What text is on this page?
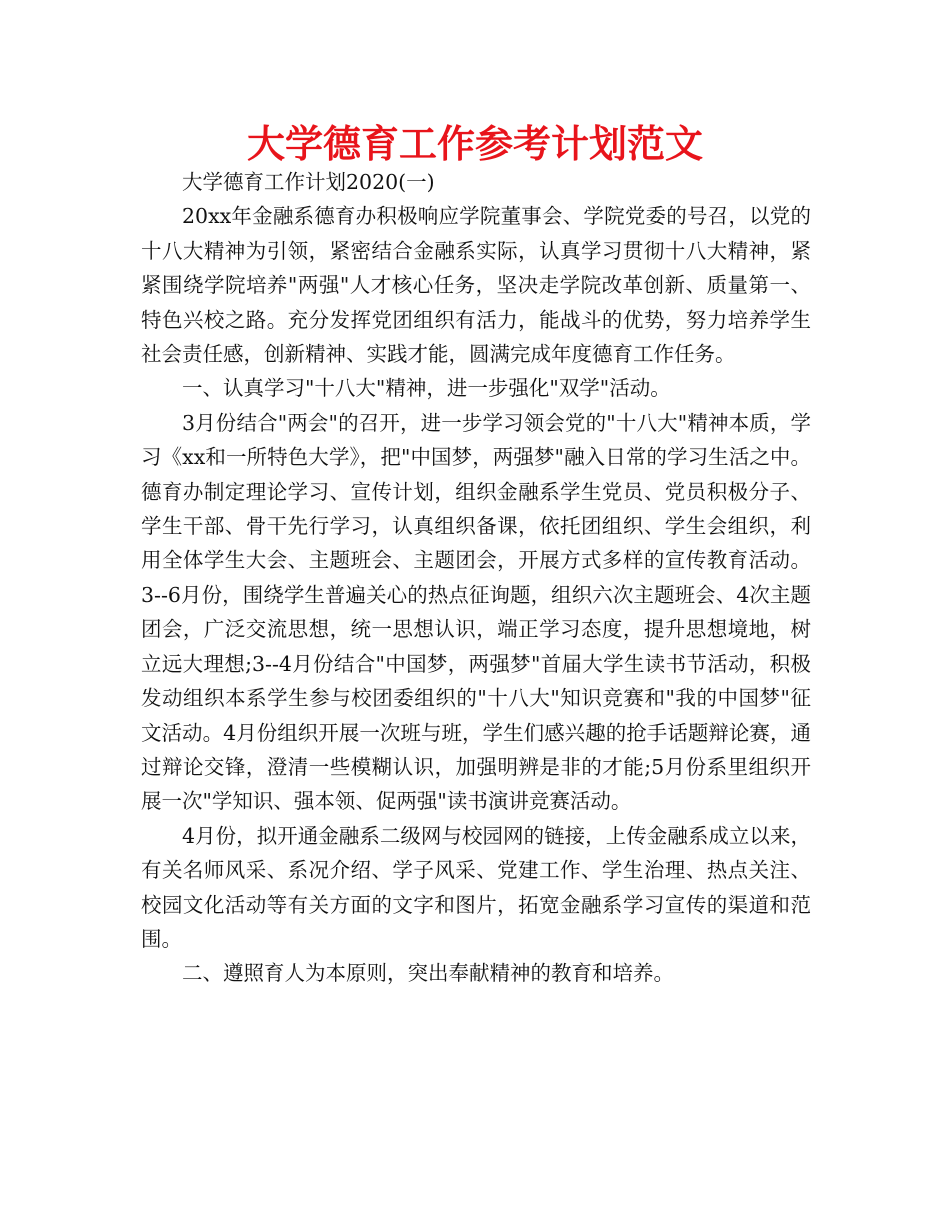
大学德育工作参考计划范文

大学德育工作计划2020(一)

20xx年金融系德育办积极响应学院董事会、学院党委的号召，以党的十八大精神为引领，紧密结合金融系实际，认真学习贯彻十八大精神，紧紧围绕学院培养"两强"人才核心任务，坚决走学院改革创新、质量第一、特色兴校之路。充分发挥党团组织有活力，能战斗的优势，努力培养学生社会责任感，创新精神、实践才能，圆满完成年度德育工作任务。

一、认真学习"十八大"精神，进一步强化"双学"活动。

3月份结合"两会"的召开，进一步学习领会党的"十八大"精神本质，学习《xx和一所特色大学》，把"中国梦，两强梦"融入日常的学习生活之中。德育办制定理论学习、宣传计划，组织金融系学生党员、党员积极分子、学生干部、骨干先行学习，认真组织备课，依托团组织、学生会组织，利用全体学生大会、主题班会、主题团会，开展方式多样的宣传教育活动。3--6月份，围绕学生普遍关心的热点征询题，组织六次主题班会、4次主题团会，广泛交流思想，统一思想认识，端正学习态度，提升思想境地，树立远大理想;3--4月份结合"中国梦，两强梦"首届大学生读书节活动，积极发动组织本系学生参与校团委组织的"十八大"知识竞赛和"我的中国梦"征文活动。4月份组织开展一次班与班，学生们感兴趣的抢手话题辩论赛，通过辩论交锋，澄清一些模糊认识，加强明辨是非的才能;5月份系里组织开展一次"学知识、强本领、促两强"读书演讲竞赛活动。

4月份，拟开通金融系二级网与校园网的链接，上传金融系成立以来，有关名师风采、系况介绍、学子风采、党建工作、学生治理、热点关注、校园文化活动等有关方面的文字和图片，拓宽金融系学习宣传的渠道和范围。

二、遵照育人为本原则，突出奉献精神的教育和培养。
